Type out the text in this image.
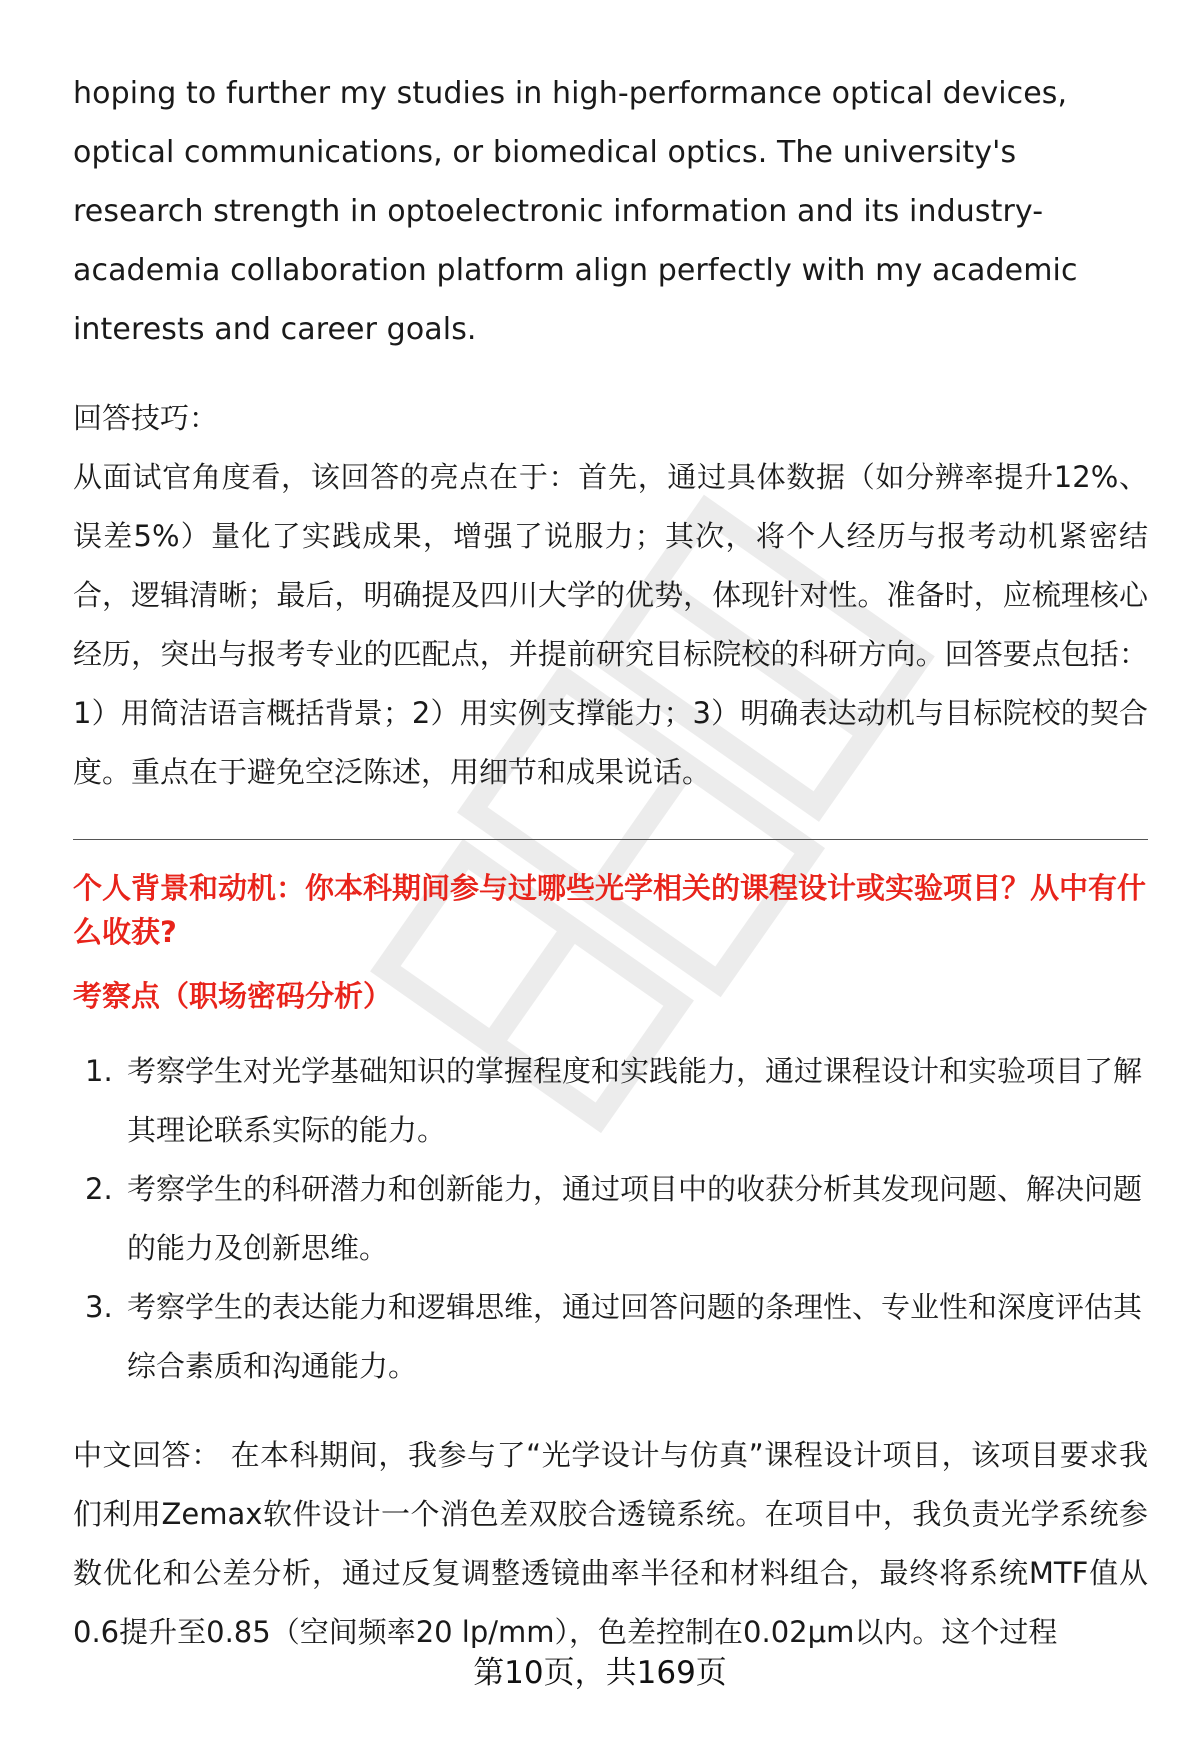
hoping to further my studies in high-performance optical devices, optical communications, or biomedical optics. The university's research strength in optoelectronic information and its industry-academia collaboration platform align perfectly with my academic interests and career goals.

回答技巧：

从面试官角度看，该回答的亮点在于：首先，通过具体数据（如分辨率提升12%、误差5%）量化了实践成果，增强了说服力；其次，将个人经历与报考动机紧密结合，逻辑清晰；最后，明确提及四川大学的优势，体现针对性。准备时，应梳理核心经历，突出与报考专业的匹配点，并提前研究目标院校的科研方向。回答要点包括：1）用简洁语言概括背景；2）用实例支撑能力；3）明确表达动机与目标院校的契合度。重点在于避免空泛陈述，用细节和成果说话。

个人背景和动机：你本科期间参与过哪些光学相关的课程设计或实验项目？从中有什么收获?

考察点（职场密码分析）

1. 考察学生对光学基础知识的掌握程度和实践能力，通过课程设计和实验项目了解其理论联系实际的能力。
2. 考察学生的科研潜力和创新能力，通过项目中的收获分析其发现问题、解决问题的能力及创新思维。
3. 考察学生的表达能力和逻辑思维，通过回答问题的条理性、专业性和深度评估其综合素质和沟通能力。

中文回答： 在本科期间，我参与了“光学设计与仿真”课程设计项目，该项目要求我们利用Zemax软件设计一个消色差双胶合透镜系统。在项目中，我负责光学系统参数优化和公差分析，通过反复调整透镜曲率半径和材料组合，最终将系统MTF值从0.6提升至0.85（空间频率20 lp/mm），色差控制在0.02μm以内。这个过程

第10页，共169页
